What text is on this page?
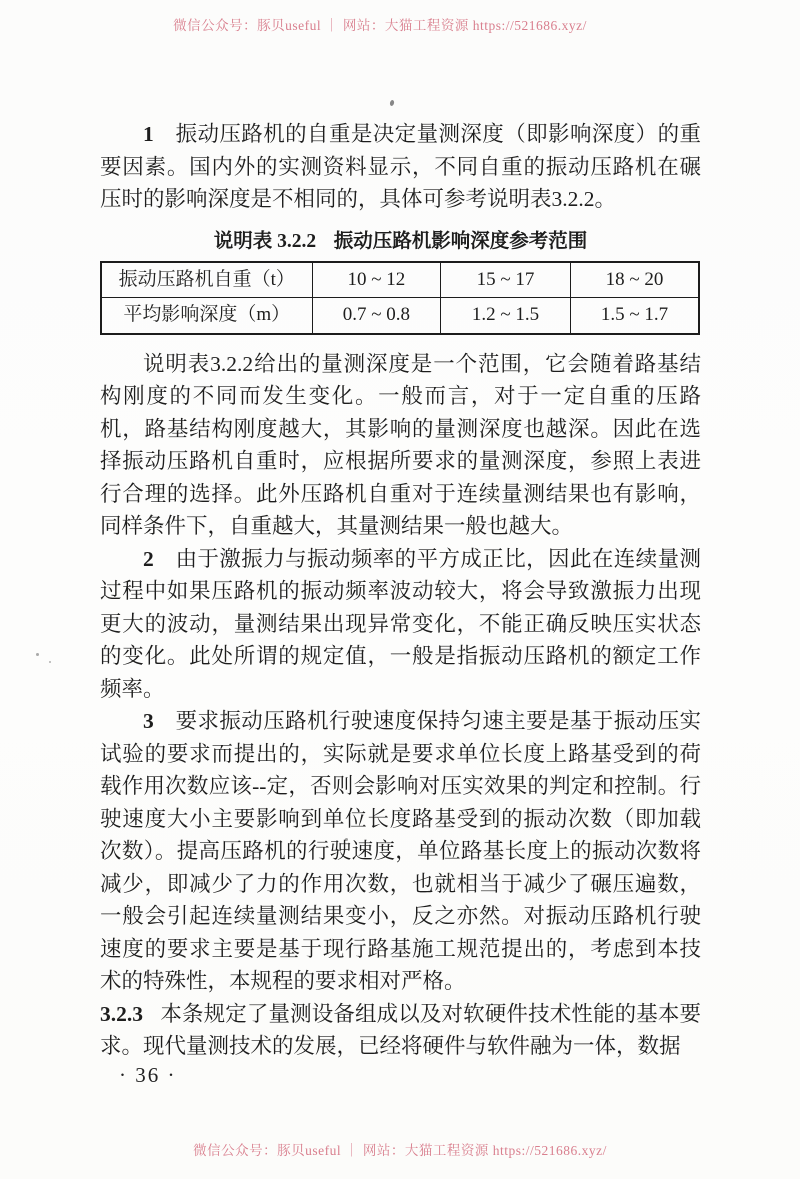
微信公众号：豚贝useful ｜ 网站：大猫工程资源 https://521686.xyz/

1 振动压路机的自重是决定量测深度（即影响深度）的重要因素。国内外的实测资料显示，不同自重的振动压路机在碾压时的影响深度是不相同的，具体可参考说明表3.2.2。

说明表 3.2.2 振动压路机影响深度参考范围
振动压路机自重（t）	10 ~ 12	15 ~ 17	18 ~ 20
平均影响深度（m）	0.7 ~ 0.8	1.2 ~ 1.5	1.5 ~ 1.7

说明表3.2.2给出的量测深度是一个范围，它会随着路基结构刚度的不同而发生变化。一般而言，对于一定自重的压路机，路基结构刚度越大，其影响的量测深度也越深。因此在选择振动压路机自重时，应根据所要求的量测深度，参照上表进行合理的选择。此外压路机自重对于连续量测结果也有影响，同样条件下，自重越大，其量测结果一般也越大。

2 由于激振力与振动频率的平方成正比，因此在连续量测过程中如果压路机的振动频率波动较大，将会导致激振力出现更大的波动，量测结果出现异常变化，不能正确反映压实状态的变化。此处所谓的规定值，一般是指振动压路机的额定工作频率。

3 要求振动压路机行驶速度保持匀速主要是基于振动压实试验的要求而提出的，实际就是要求单位长度上路基受到的荷载作用次数应该--定，否则会影响对压实效果的判定和控制。行驶速度大小主要影响到单位长度路基受到的振动次数（即加载次数）。提高压路机的行驶速度，单位路基长度上的振动次数将减少，即减少了力的作用次数，也就相当于减少了碾压遍数，一般会引起连续量测结果变小，反之亦然。对振动压路机行驶速度的要求主要是基于现行路基施工规范提出的，考虑到本技术的特殊性，本规程的要求相对严格。

3.2.3 本条规定了量测设备组成以及对软硬件技术性能的基本要求。现代量测技术的发展，已经将硬件与软件融为一体，数据

· 36 ·
微信公众号：豚贝useful ｜ 网站：大猫工程资源 https://521686.xyz/
